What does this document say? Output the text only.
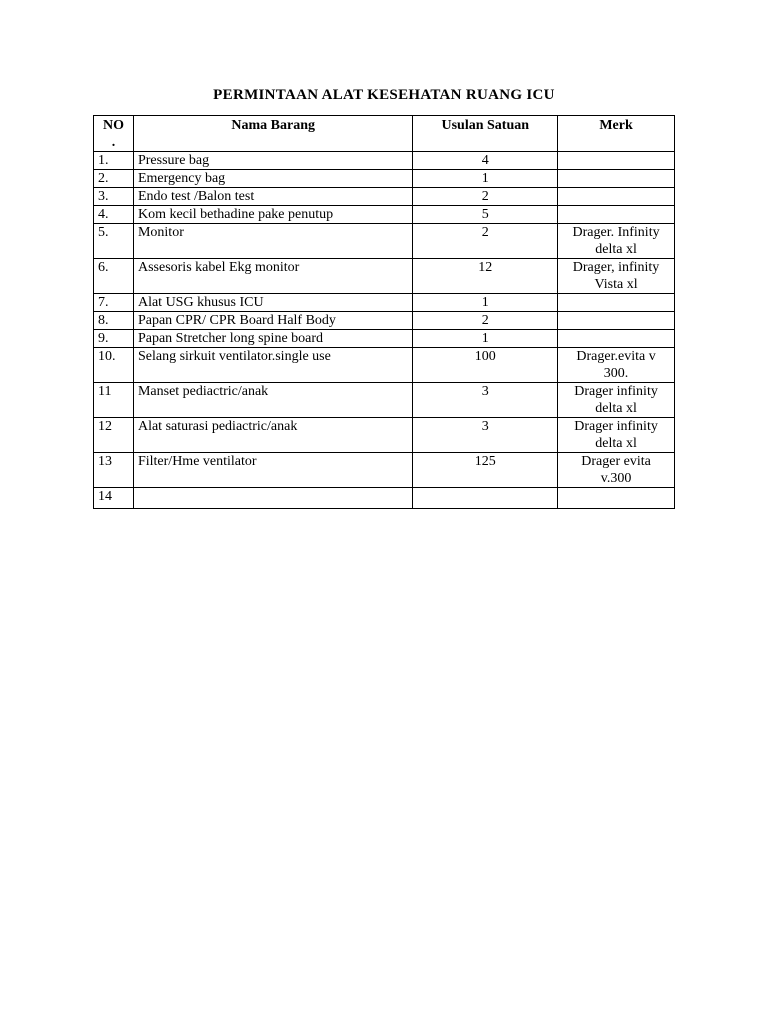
PERMINTAAN ALAT KESEHATAN RUANG ICU
NO
.	Nama Barang	Usulan Satuan	Merk
1.	Pressure bag	4	
2.	Emergency bag	1	
3.	Endo test /Balon test	2	
4.	Kom kecil bethadine pake penutup	5	
5.	Monitor	2	Drager. Infinity
delta xl
6.	Assesoris kabel Ekg monitor	12	Drager, infinity
Vista xl
7.	Alat USG khusus ICU	1	
8.	Papan CPR/ CPR Board Half Body	2	
9.	Papan Stretcher long spine board	1	
10.	Selang sirkuit ventilator.single use	100	Drager.evita v
300.
11	Manset pediactric/anak	3	Drager infinity
delta xl
12	Alat saturasi pediactric/anak	3	Drager infinity
delta xl
13	Filter/Hme ventilator	125	Drager evita
v.300
14			
